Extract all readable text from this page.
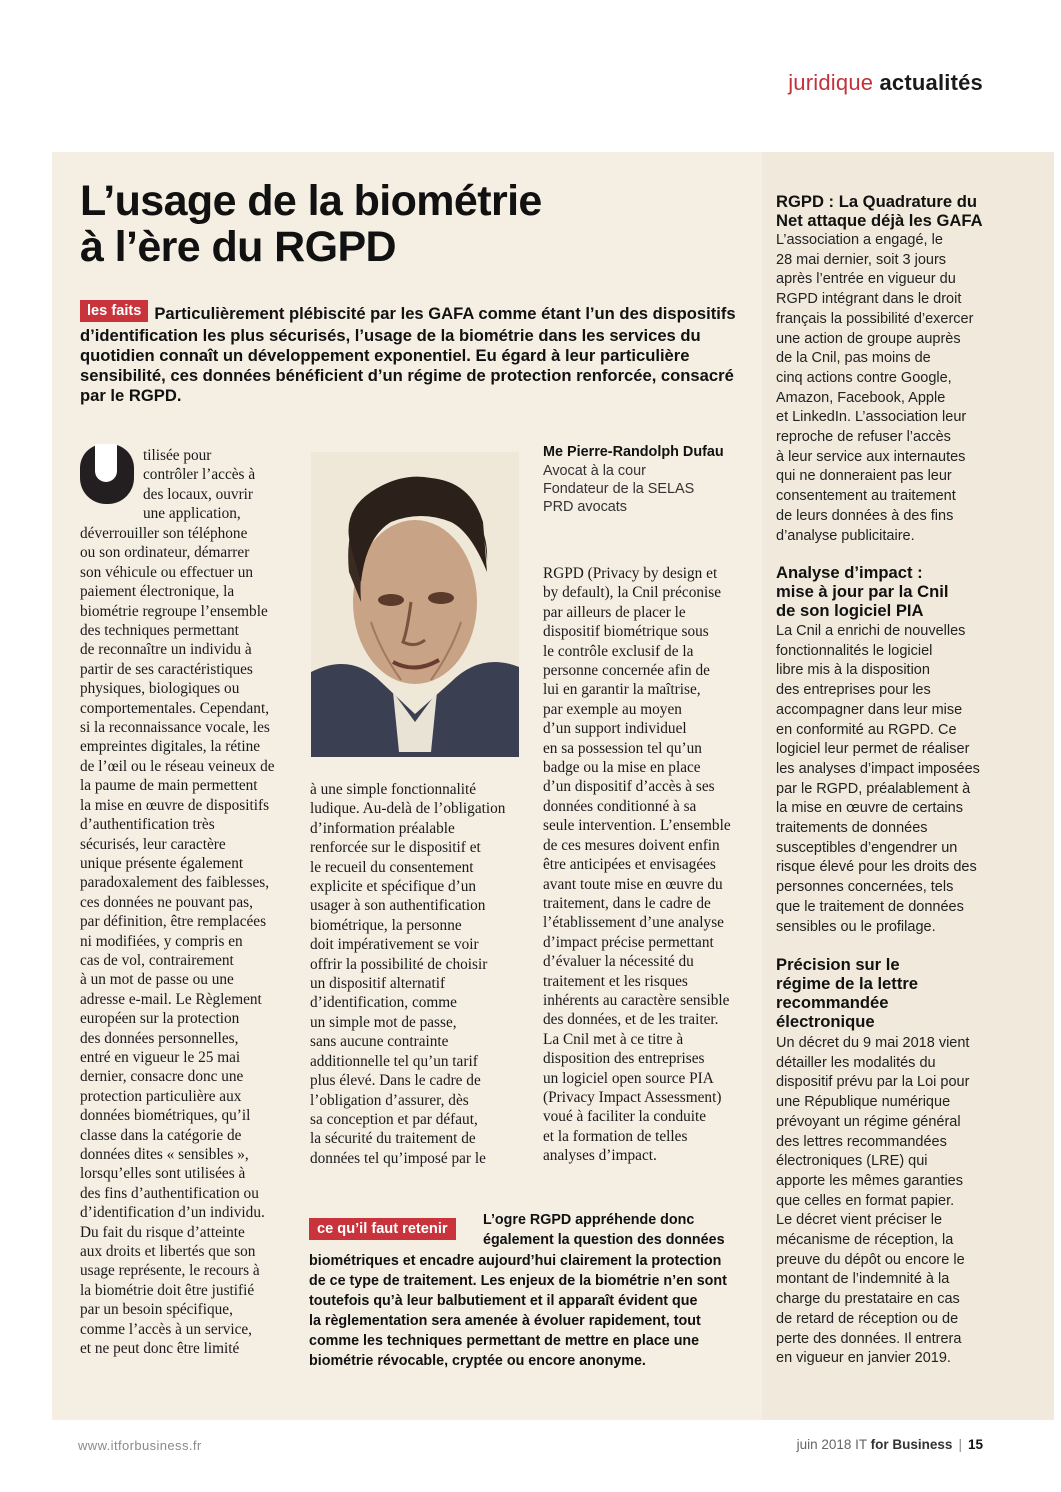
juridique actualités
L’usage de la biométrie
à l’ère du RGPD
les faits Particulièrement plébiscité par les GAFA comme étant l’un des dispositifs d’identification les plus sécurisés, l’usage de la biométrie dans les services du quotidien connaît un développement exponentiel. Eu égard à leur particulière sensibilité, ces données bénéficient d’un régime de protection renforcée, consacré par le RGPD.
tilisée pour
contrôler l’accès à
des locaux, ouvrir
une application,
déverrouiller son téléphone
ou son ordinateur, démarrer
son véhicule ou effectuer un
paiement électronique, la
biométrie regroupe l’ensemble
des techniques permettant
de reconnaître un individu à
partir de ses caractéristiques
physiques, biologiques ou
comportementales. Cependant,
si la reconnaissance vocale, les
empreintes digitales, la rétine
de l’œil ou le réseau veineux de
la paume de main permettent
la mise en œuvre de dispositifs
d’authentification très
sécurisés, leur caractère
unique présente également
paradoxalement des faiblesses,
ces données ne pouvant pas,
par définition, être remplacées
ni modifiées, y compris en
cas de vol, contrairement
à un mot de passe ou une
adresse e-mail. Le Règlement
européen sur la protection
des données personnelles,
entré en vigueur le 25 mai
dernier, consacre donc une
protection particulière aux
données biométriques, qu’il
classe dans la catégorie de
données dites « sensibles »,
lorsqu’elles sont utilisées à
des fins d’authentification ou
d’identification d’un individu.
Du fait du risque d’atteinte
aux droits et libertés que son
usage représente, le recours à
la biométrie doit être justifié
par un besoin spécifique,
comme l’accès à un service,
et ne peut donc être limité
à une simple fonctionnalité
ludique. Au-delà de l’obligation
d’information préalable
renforcée sur le dispositif et
le recueil du consentement
explicite et spécifique d’un
usager à son authentification
biométrique, la personne
doit impérativement se voir
offrir la possibilité de choisir
un dispositif alternatif
d’identification, comme
un simple mot de passe,
sans aucune contrainte
additionnelle tel qu’un tarif
plus élevé. Dans le cadre de
l’obligation d’assurer, dès
sa conception et par défaut,
la sécurité du traitement de
données tel qu’imposé par le
Me Pierre-Randolph Dufau
Avocat à la cour
Fondateur de la SELAS
PRD avocats
RGPD (Privacy by design et
by default), la Cnil préconise
par ailleurs de placer le
dispositif biométrique sous
le contrôle exclusif de la
personne concernée afin de
lui en garantir la maîtrise,
par exemple au moyen
d’un support individuel
en sa possession tel qu’un
badge ou la mise en place
d’un dispositif d’accès à ses
données conditionné à sa
seule intervention. L’ensemble
de ces mesures doivent enfin
être anticipées et envisagées
avant toute mise en œuvre du
traitement, dans le cadre de
l’établissement d’une analyse
d’impact précise permettant
d’évaluer la nécessité du
traitement et les risques
inhérents au caractère sensible
des données, et de les traiter.
La Cnil met à ce titre à
disposition des entreprises
un logiciel open source PIA
(Privacy Impact Assessment)
voué à faciliter la conduite
et la formation de telles
analyses d’impact.
ce qu’il faut retenir
L’ogre RGPD appréhende donc
également la question des données
biométriques et encadre aujourd’hui clairement la protection
de ce type de traitement. Les enjeux de la biométrie n’en sont
toutefois qu’à leur balbutiement et il apparaît évident que
la règlementation sera amenée à évoluer rapidement, tout
comme les techniques permettant de mettre en place une
biométrie révocable, cryptée ou encore anonyme.
RGPD : La Quadrature du
Net attaque déjà les GAFA
L’association a engagé, le
28 mai dernier, soit 3 jours
après l’entrée en vigueur du
RGPD intégrant dans le droit
français la possibilité d’exercer
une action de groupe auprès
de la Cnil, pas moins de
cinq actions contre Google,
Amazon, Facebook, Apple
et LinkedIn. L’association leur
reproche de refuser l’accès
à leur service aux internautes
qui ne donneraient pas leur
consentement au traitement
de leurs données à des fins
d’analyse publicitaire.
Analyse d’impact :
mise à jour par la Cnil
de son logiciel PIA
La Cnil a enrichi de nouvelles
fonctionnalités le logiciel
libre mis à la disposition
des entreprises pour les
accompagner dans leur mise
en conformité au RGPD. Ce
logiciel leur permet de réaliser
les analyses d’impact imposées
par le RGPD, préalablement à
la mise en œuvre de certains
traitements de données
susceptibles d’engendrer un
risque élevé pour les droits des
personnes concernées, tels
que le traitement de données
sensibles ou le profilage.
Précision sur le
régime de la lettre
recommandée
électronique
Un décret du 9 mai 2018 vient
détailler les modalités du
dispositif prévu par la Loi pour
une République numérique
prévoyant un régime général
des lettres recommandées
électroniques (LRE) qui
apporte les mêmes garanties
que celles en format papier.
Le décret vient préciser le
mécanisme de réception, la
preuve du dépôt ou encore le
montant de l’indemnité à la
charge du prestataire en cas
de retard de réception ou de
perte des données. Il entrera
en vigueur en janvier 2019.
www.itforbusiness.fr	juin 2018 IT for Business | 15
